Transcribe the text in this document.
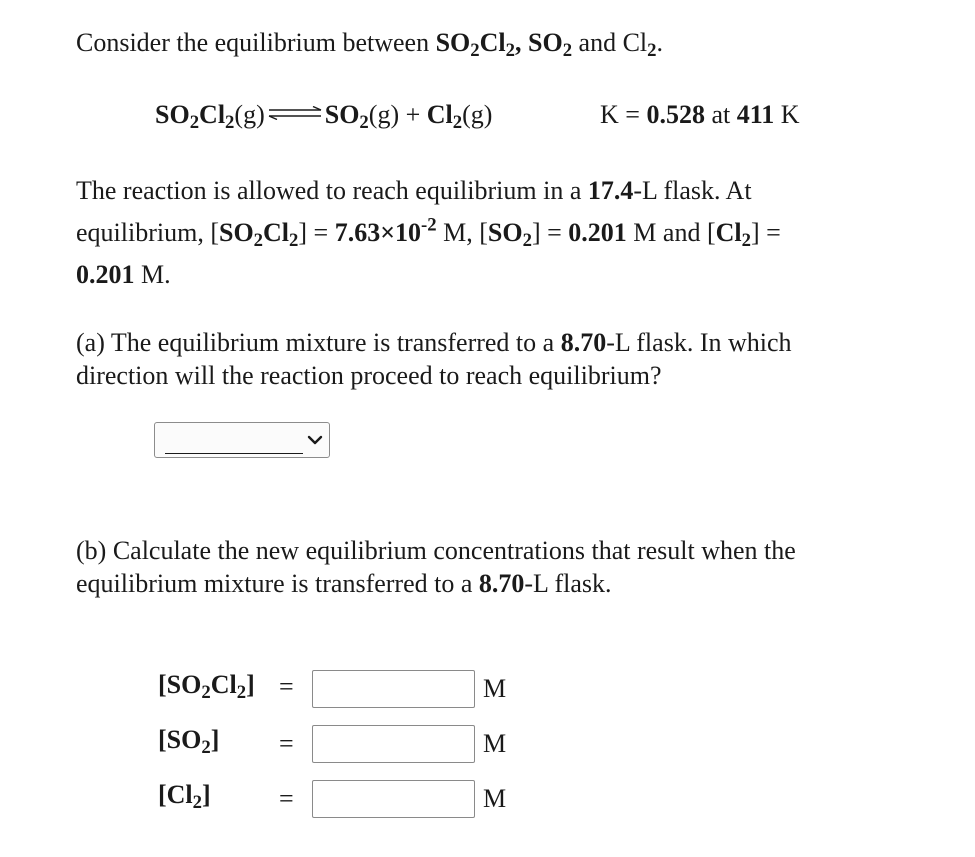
Consider the equilibrium between $SO_2Cl_2$, $SO_2$ and $Cl_2$.
$SO_2Cl_2(g)$ ⇌ $SO_2(g) + Cl_2(g)$	K = 0.528 at 411 K
The reaction is allowed to reach equilibrium in a 17.4-L flask. At
equilibrium, $[SO_2Cl_2] = 7.63\times 10^{-2}$ M, $[SO_2] = 0.201$ M and $[Cl_2]$ =
0.201 M.
(a) The equilibrium mixture is transferred to a 8.70-L flask. In which
direction will the reaction proceed to reach equilibrium?
(b) Calculate the new equilibrium concentrations that result when the
equilibrium mixture is transferred to a 8.70-L flask.
$[SO_2Cl_2]$ =	M
$[SO_2]$ =	M
$[Cl_2]$	=	M
